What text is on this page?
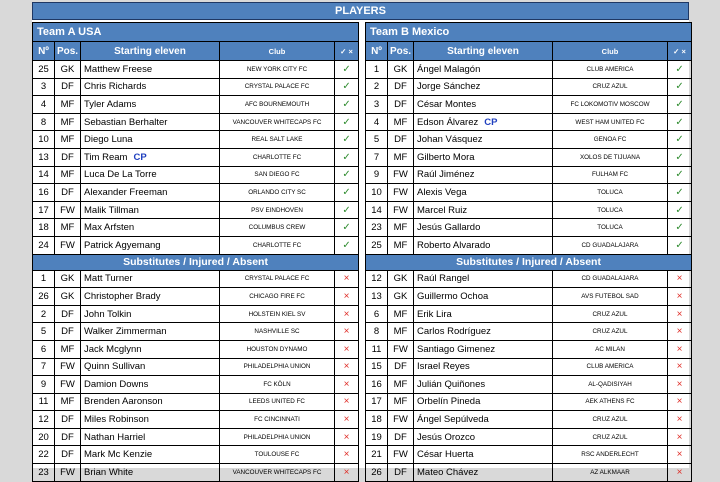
PLAYERS
Team A USA				
Nº	Pos.	Starting eleven	Club	✓ ×
25	GK	Matthew Freese	NEW YORK CITY FC	✓
3	DF	Chris Richards	CRYSTAL PALACE FC	✓
4	MF	Tyler Adams	AFC BOURNEMOUTH	✓
8	MF	Sebastian Berhalter	VANCOUVER WHITECAPS FC	✓
10	MF	Diego Luna	REAL SALT LAKE	✓
13	DF	Tim Ream CP	CHARLOTTE FC	✓
14	MF	Luca De La Torre	SAN DIEGO FC	✓
16	DF	Alexander Freeman	ORLANDO CITY SC	✓
17	FW	Malik Tillman	PSV EINDHOVEN	✓
18	MF	Max Arfsten	COLUMBUS CREW	✓
24	FW	Patrick Agyemang	CHARLOTTE FC	✓
Substitutes / Injured / Absent				
1	GK	Matt Turner	CRYSTAL PALACE FC	×
26	GK	Christopher Brady	CHICAGO FIRE FC	×
2	DF	John Tolkin	HOLSTEIN KIEL SV	×
5	DF	Walker Zimmerman	NASHVILLE SC	×
6	MF	Jack Mcglynn	HOUSTON DYNAMO	×
7	FW	Quinn Sullivan	PHILADELPHIA UNION	×
9	FW	Damion Downs	FC KÖLN	×
11	MF	Brenden Aaronson	LEEDS UNITED FC	×
12	DF	Miles Robinson	FC CINCINNATI	×
20	DF	Nathan Harriel	PHILADELPHIA UNION	×
22	DF	Mark Mc Kenzie	TOULOUSE FC	×
23	FW	Brian White	VANCOUVER WHITECAPS FC	×
Team B Mexico				
Nº	Pos.	Starting eleven	Club	✓ ×
1	GK	Ángel Malagón	CLUB AMERICA	✓
2	DF	Jorge Sánchez	CRUZ AZUL	✓
3	DF	César Montes	FC LOKOMOTIV MOSCOW	✓
4	MF	Edson Álvarez CP	WEST HAM UNITED FC	✓
5	DF	Johan Vásquez	GENOA FC	✓
7	MF	Gilberto Mora	XOLOS DE TIJUANA	✓
9	FW	Raúl Jiménez	FULHAM FC	✓
10	FW	Alexis Vega	TOLUCA	✓
14	FW	Marcel Ruiz	TOLUCA	✓
23	MF	Jesús Gallardo	TOLUCA	✓
25	MF	Roberto Alvarado	CD GUADALAJARA	✓
Substitutes / Injured / Absent				
12	GK	Raúl Rangel	CD GUADALAJARA	×
13	GK	Guillermo Ochoa	AVS FUTEBOL SAD	×
6	MF	Erik Lira	CRUZ AZUL	×
8	MF	Carlos Rodríguez	CRUZ AZUL	×
11	FW	Santiago Gimenez	AC MILAN	×
15	DF	Israel Reyes	CLUB AMERICA	×
16	MF	Julián Quiñones	AL-QADISIYAH	×
17	MF	Orbelín Pineda	AEK ATHENS FC	×
18	FW	Ángel Sepúlveda	CRUZ AZUL	×
19	DF	Jesús Orozco	CRUZ AZUL	×
21	FW	César Huerta	RSC ANDERLECHT	×
26	DF	Mateo Chávez	AZ ALKMAAR	×
